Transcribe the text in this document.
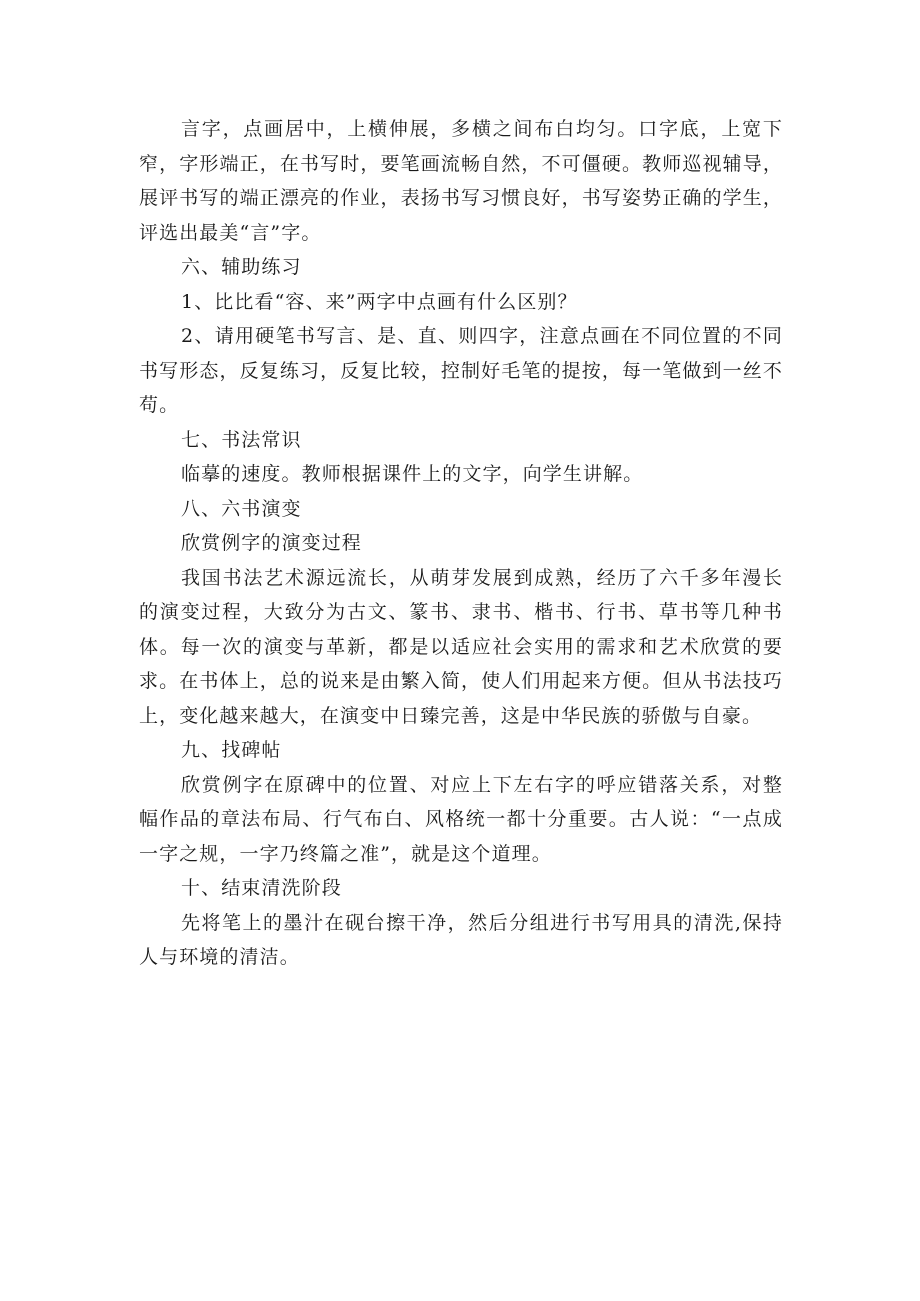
言字，点画居中，上横伸展，多横之间布白均匀。口字底，上宽下窄，字形端正，在书写时，要笔画流畅自然，不可僵硬。教师巡视辅导，展评书写的端正漂亮的作业，表扬书写习惯良好，书写姿势正确的学生，评选出最美“言”字。

六、辅助练习

1、比比看“容、来”两字中点画有什么区别？

2、请用硬笔书写言、是、直、则四字，注意点画在不同位置的不同书写形态，反复练习，反复比较，控制好毛笔的提按，每一笔做到一丝不苟。

七、书法常识

临摹的速度。教师根据课件上的文字，向学生讲解。

八、六书演变

欣赏例字的演变过程

我国书法艺术源远流长，从萌芽发展到成熟，经历了六千多年漫长的演变过程，大致分为古文、篆书、隶书、楷书、行书、草书等几种书体。每一次的演变与革新，都是以适应社会实用的需求和艺术欣赏的要求。在书体上，总的说来是由繁入简，使人们用起来方便。但从书法技巧上，变化越来越大，在演变中日臻完善，这是中华民族的骄傲与自豪。

九、找碑帖

欣赏例字在原碑中的位置、对应上下左右字的呼应错落关系，对整幅作品的章法布局、行气布白、风格统一都十分重要。古人说：“一点成一字之规，一字乃终篇之准”，就是这个道理。

十、结束清洗阶段

先将笔上的墨汁在砚台擦干净，然后分组进行书写用具的清洗,保持人与环境的清洁。
